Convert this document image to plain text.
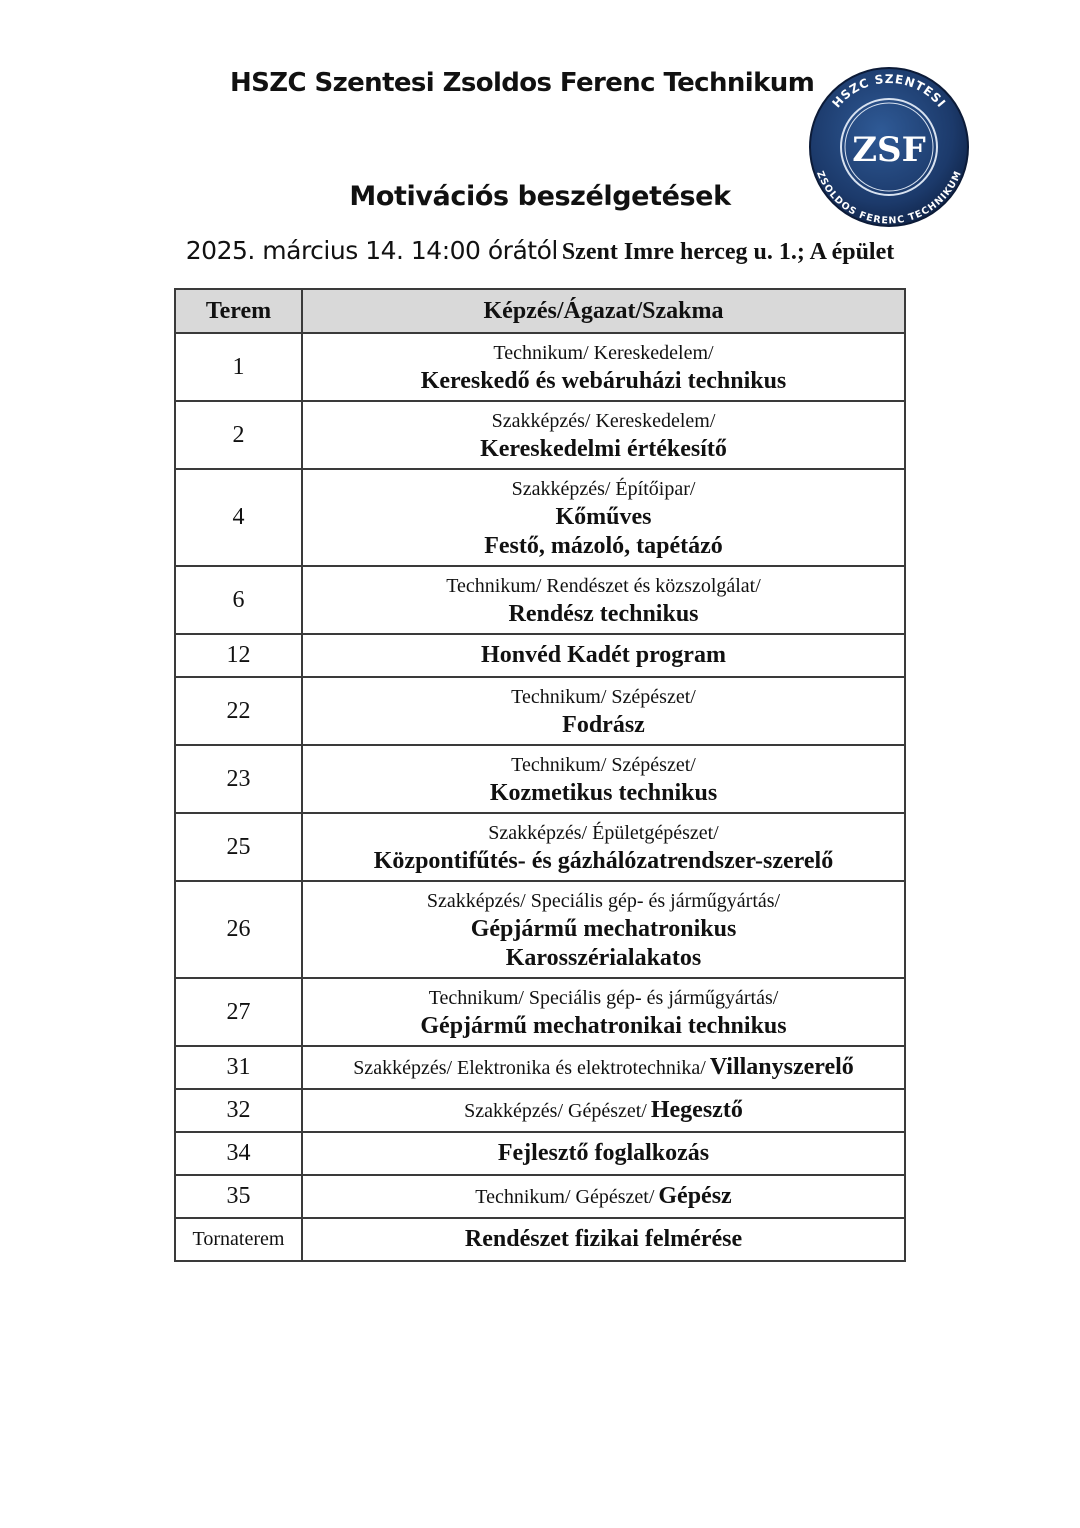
HSZC Szentesi Zsoldos Ferenc Technikum
HSZC SZENTESI
ZSOLDOS FERENC TECHNIKUM
ZSF
Motivációs beszélgetések
2025. március 14. 14:00 órától Szent Imre herceg u. 1.; A épület
Terem	Képzés/Ágazat/Szakma
1	Technikum/ Kereskedelem/
Kereskedő és webáruházi technikus

2	Szakképzés/ Kereskedelem/
Kereskedelmi értékesítő

4	Szakképzés/ Építőipar/
Kőműves
Festő, mázoló, tapétázó

6	Technikum/ Rendészet és közszolgálat/
Rendész technikus

12	Honvéd Kadét program
22	Technikum/ Szépészet/
Fodrász

23	Technikum/ Szépészet/
Kozmetikus technikus

25	Szakképzés/ Épületgépészet/
Központifűtés- és gázhálózatrendszer-szerelő

26	Szakképzés/ Speciális gép- és járműgyártás/
Gépjármű mechatronikus
Karosszérialakatos

27	Technikum/ Speciális gép- és járműgyártás/
Gépjármű mechatronikai technikus

31	Szakképzés/ Elektronika és elektrotechnika/ Villanyszerelő
32	Szakképzés/ Gépészet/ Hegesztő
34	Fejlesztő foglalkozás
35	Technikum/ Gépészet/ Gépész
Tornaterem	Rendészet fizikai felmérése
